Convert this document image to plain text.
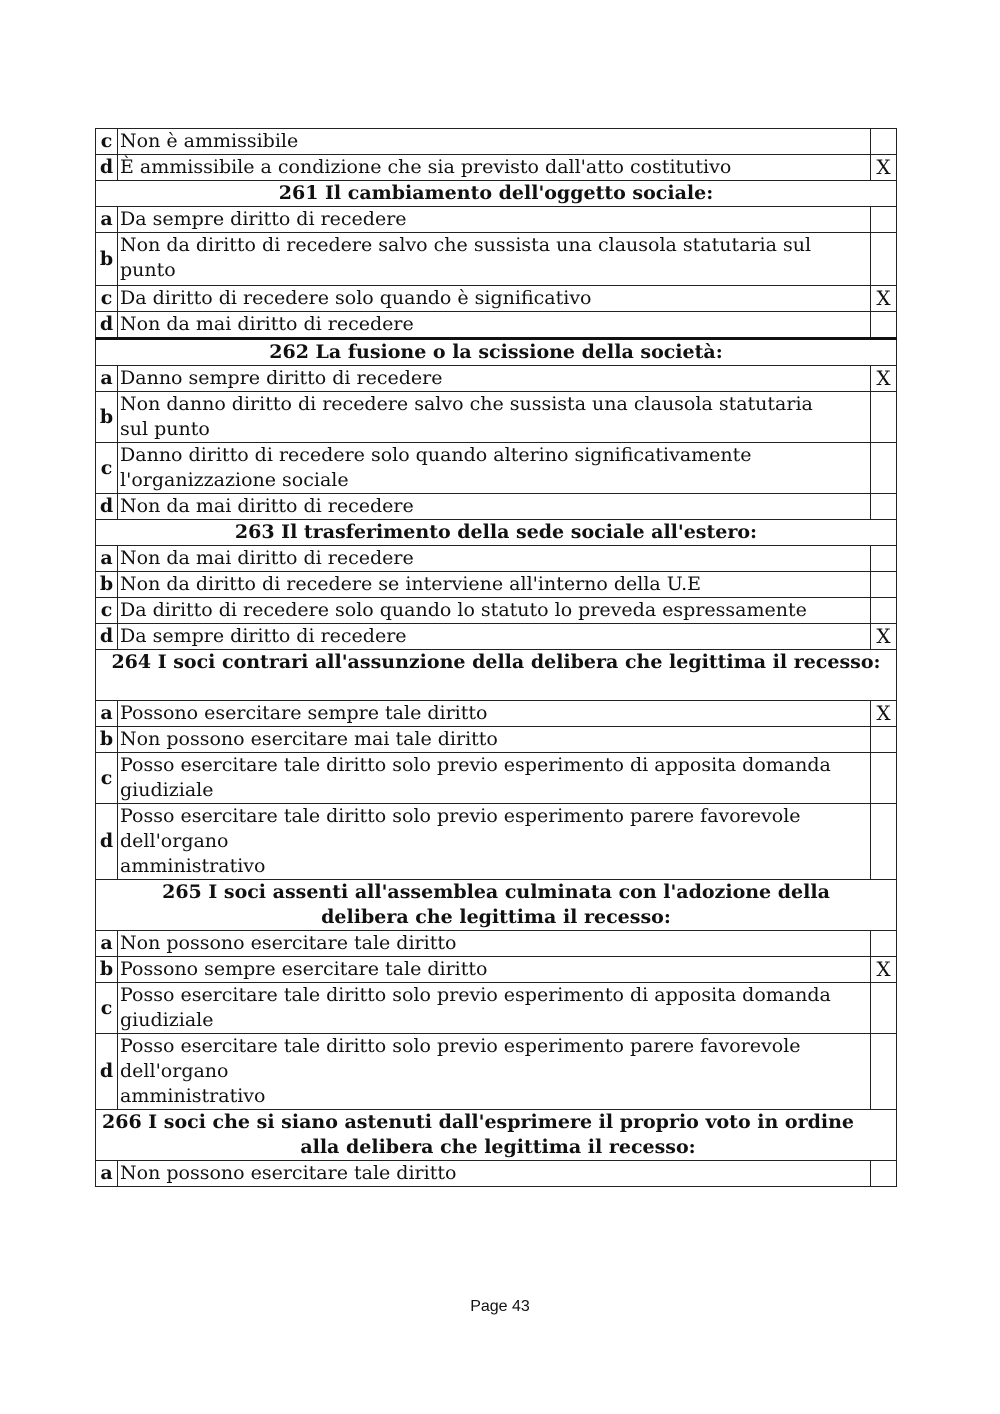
c	Non è ammissibile	
d	È ammissibile a condizione che sia previsto dall'atto costitutivo	X
261 Il cambiamento dell'oggetto sociale:		
a	Da sempre diritto di recedere	
b	Non da diritto di recedere salvo che sussista una clausola statutaria sul punto	
c	Da diritto di recedere solo quando è significativo	X
d	Non da mai diritto di recedere	
262 La fusione o la scissione della società:		
a	Danno sempre diritto di recedere	X
b	Non danno diritto di recedere salvo che sussista una clausola statutaria
sul punto	

c	Danno diritto di recedere solo quando alterino significativamente
l'organizzazione sociale	

d	Non da mai diritto di recedere	
263 Il trasferimento della sede sociale all'estero:		
a	Non da mai diritto di recedere	
b	Non da diritto di recedere se interviene all'interno della U.E	
c	Da diritto di recedere solo quando lo statuto lo preveda espressamente	
d	Da sempre diritto di recedere	X
264 I soci contrari all'assunzione della delibera che legittima il recesso:		
a	Possono esercitare sempre tale diritto	X
b	Non possono esercitare mai tale diritto	
c	Posso esercitare tale diritto solo previo esperimento di apposita domanda
giudiziale	

d	Posso esercitare tale diritto solo previo esperimento parere favorevole dell'organo
amministrativo	

265 I soci assenti all'assemblea culminata con l'adozione della

delibera che legittima il recesso:		

a	Non possono esercitare tale diritto	
b	Possono sempre esercitare tale diritto	X
c	Posso esercitare tale diritto solo previo esperimento di apposita domanda
giudiziale	

d	Posso esercitare tale diritto solo previo esperimento parere favorevole dell'organo
amministrativo	

266 I soci che si siano astenuti dall'esprimere il proprio voto in ordine
alla delibera che legittima il recesso:		

a	Non possono esercitare tale diritto	
Page 43
